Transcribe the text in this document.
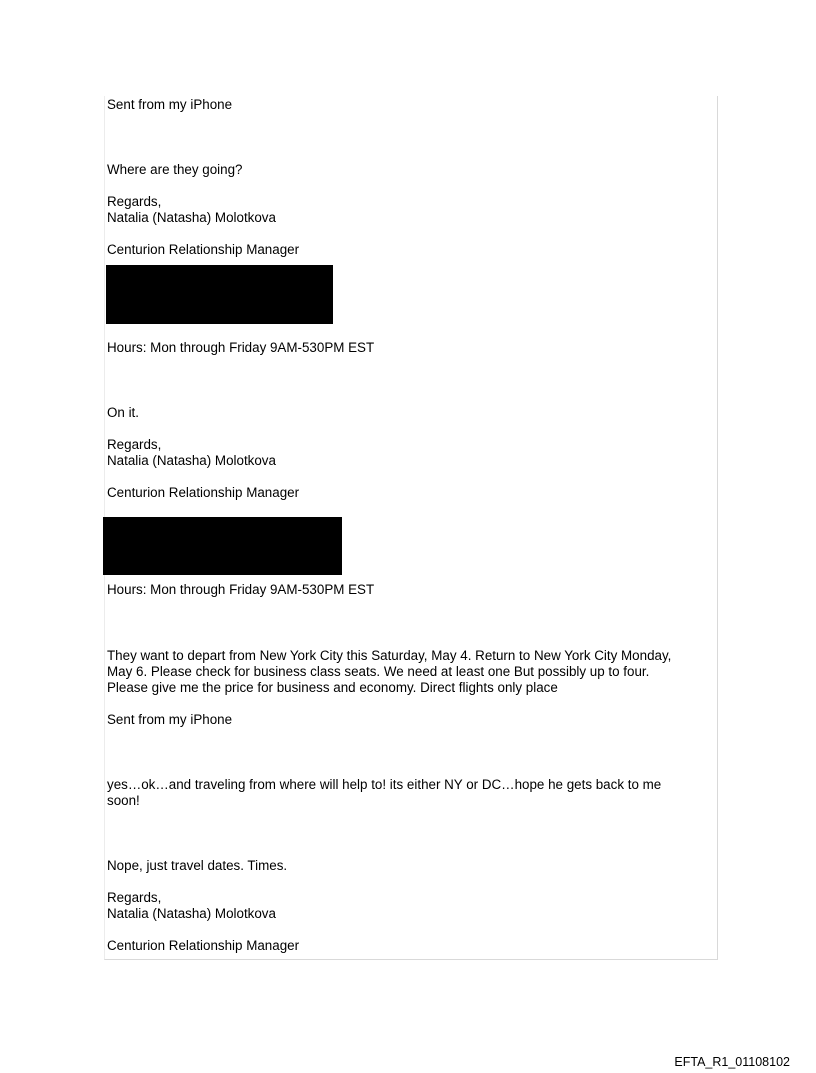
Sent from my iPhone

Where are they going?

Regards,

Natalia (Natasha) Molotkova

Centurion Relationship Manager

Hours: Mon through Friday 9AM-530PM EST

On it.

Regards,

Natalia (Natasha) Molotkova

Centurion Relationship Manager

Hours: Mon through Friday 9AM-530PM EST

They want to depart from New York City this Saturday, May 4. Return to New York City Monday,

May 6. Please check for business class seats. We need at least one But possibly up to four.

Please give me the price for business and economy. Direct flights only place

Sent from my iPhone

yes…ok…and traveling from where will help to! its either NY or DC…hope he gets back to me

soon!

Nope, just travel dates. Times.

Regards,

Natalia (Natasha) Molotkova

Centurion Relationship Manager

EFTA_R1_01108102
